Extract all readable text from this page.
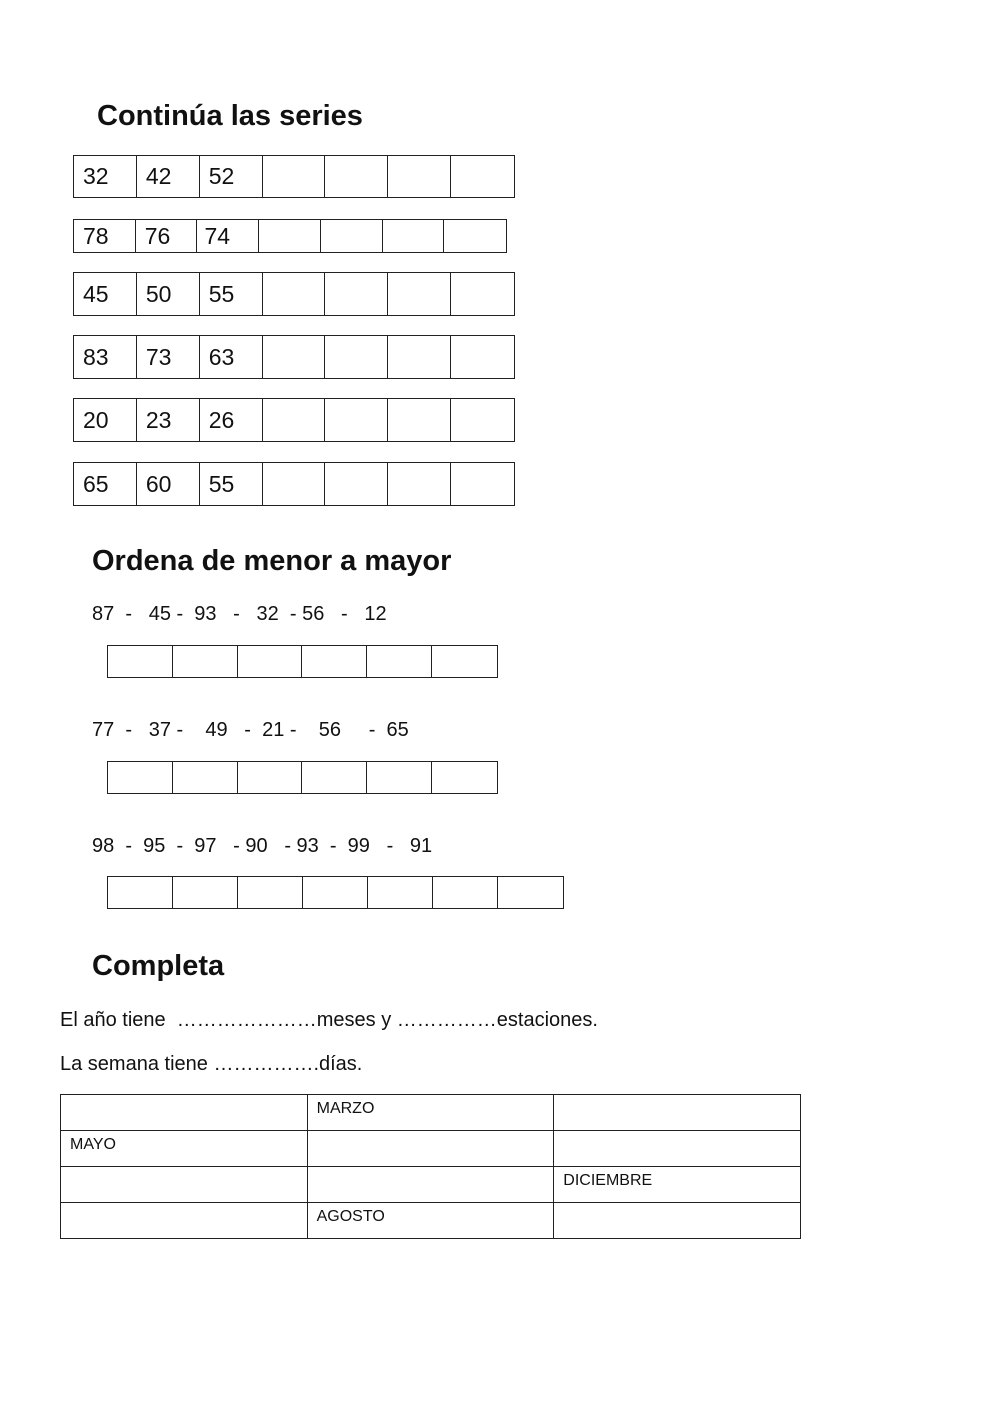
Continúa las series
32	42	52
78	76	74
45	50	55
83	73	63
20	23	26
65	60	55
Ordena de menor a mayor
87  -   45 -  93   -   32  - 56   -   12
77  -   37 -    49   -  21 -    56     -  65
98  -  95  -  97   - 90   - 93  -  99   -   91
Completa
El año tiene  …………………meses y ……………estaciones.
La semana tiene …………….días.
	MARZO	
MAYO		
		DICIEMBRE
	AGOSTO	
